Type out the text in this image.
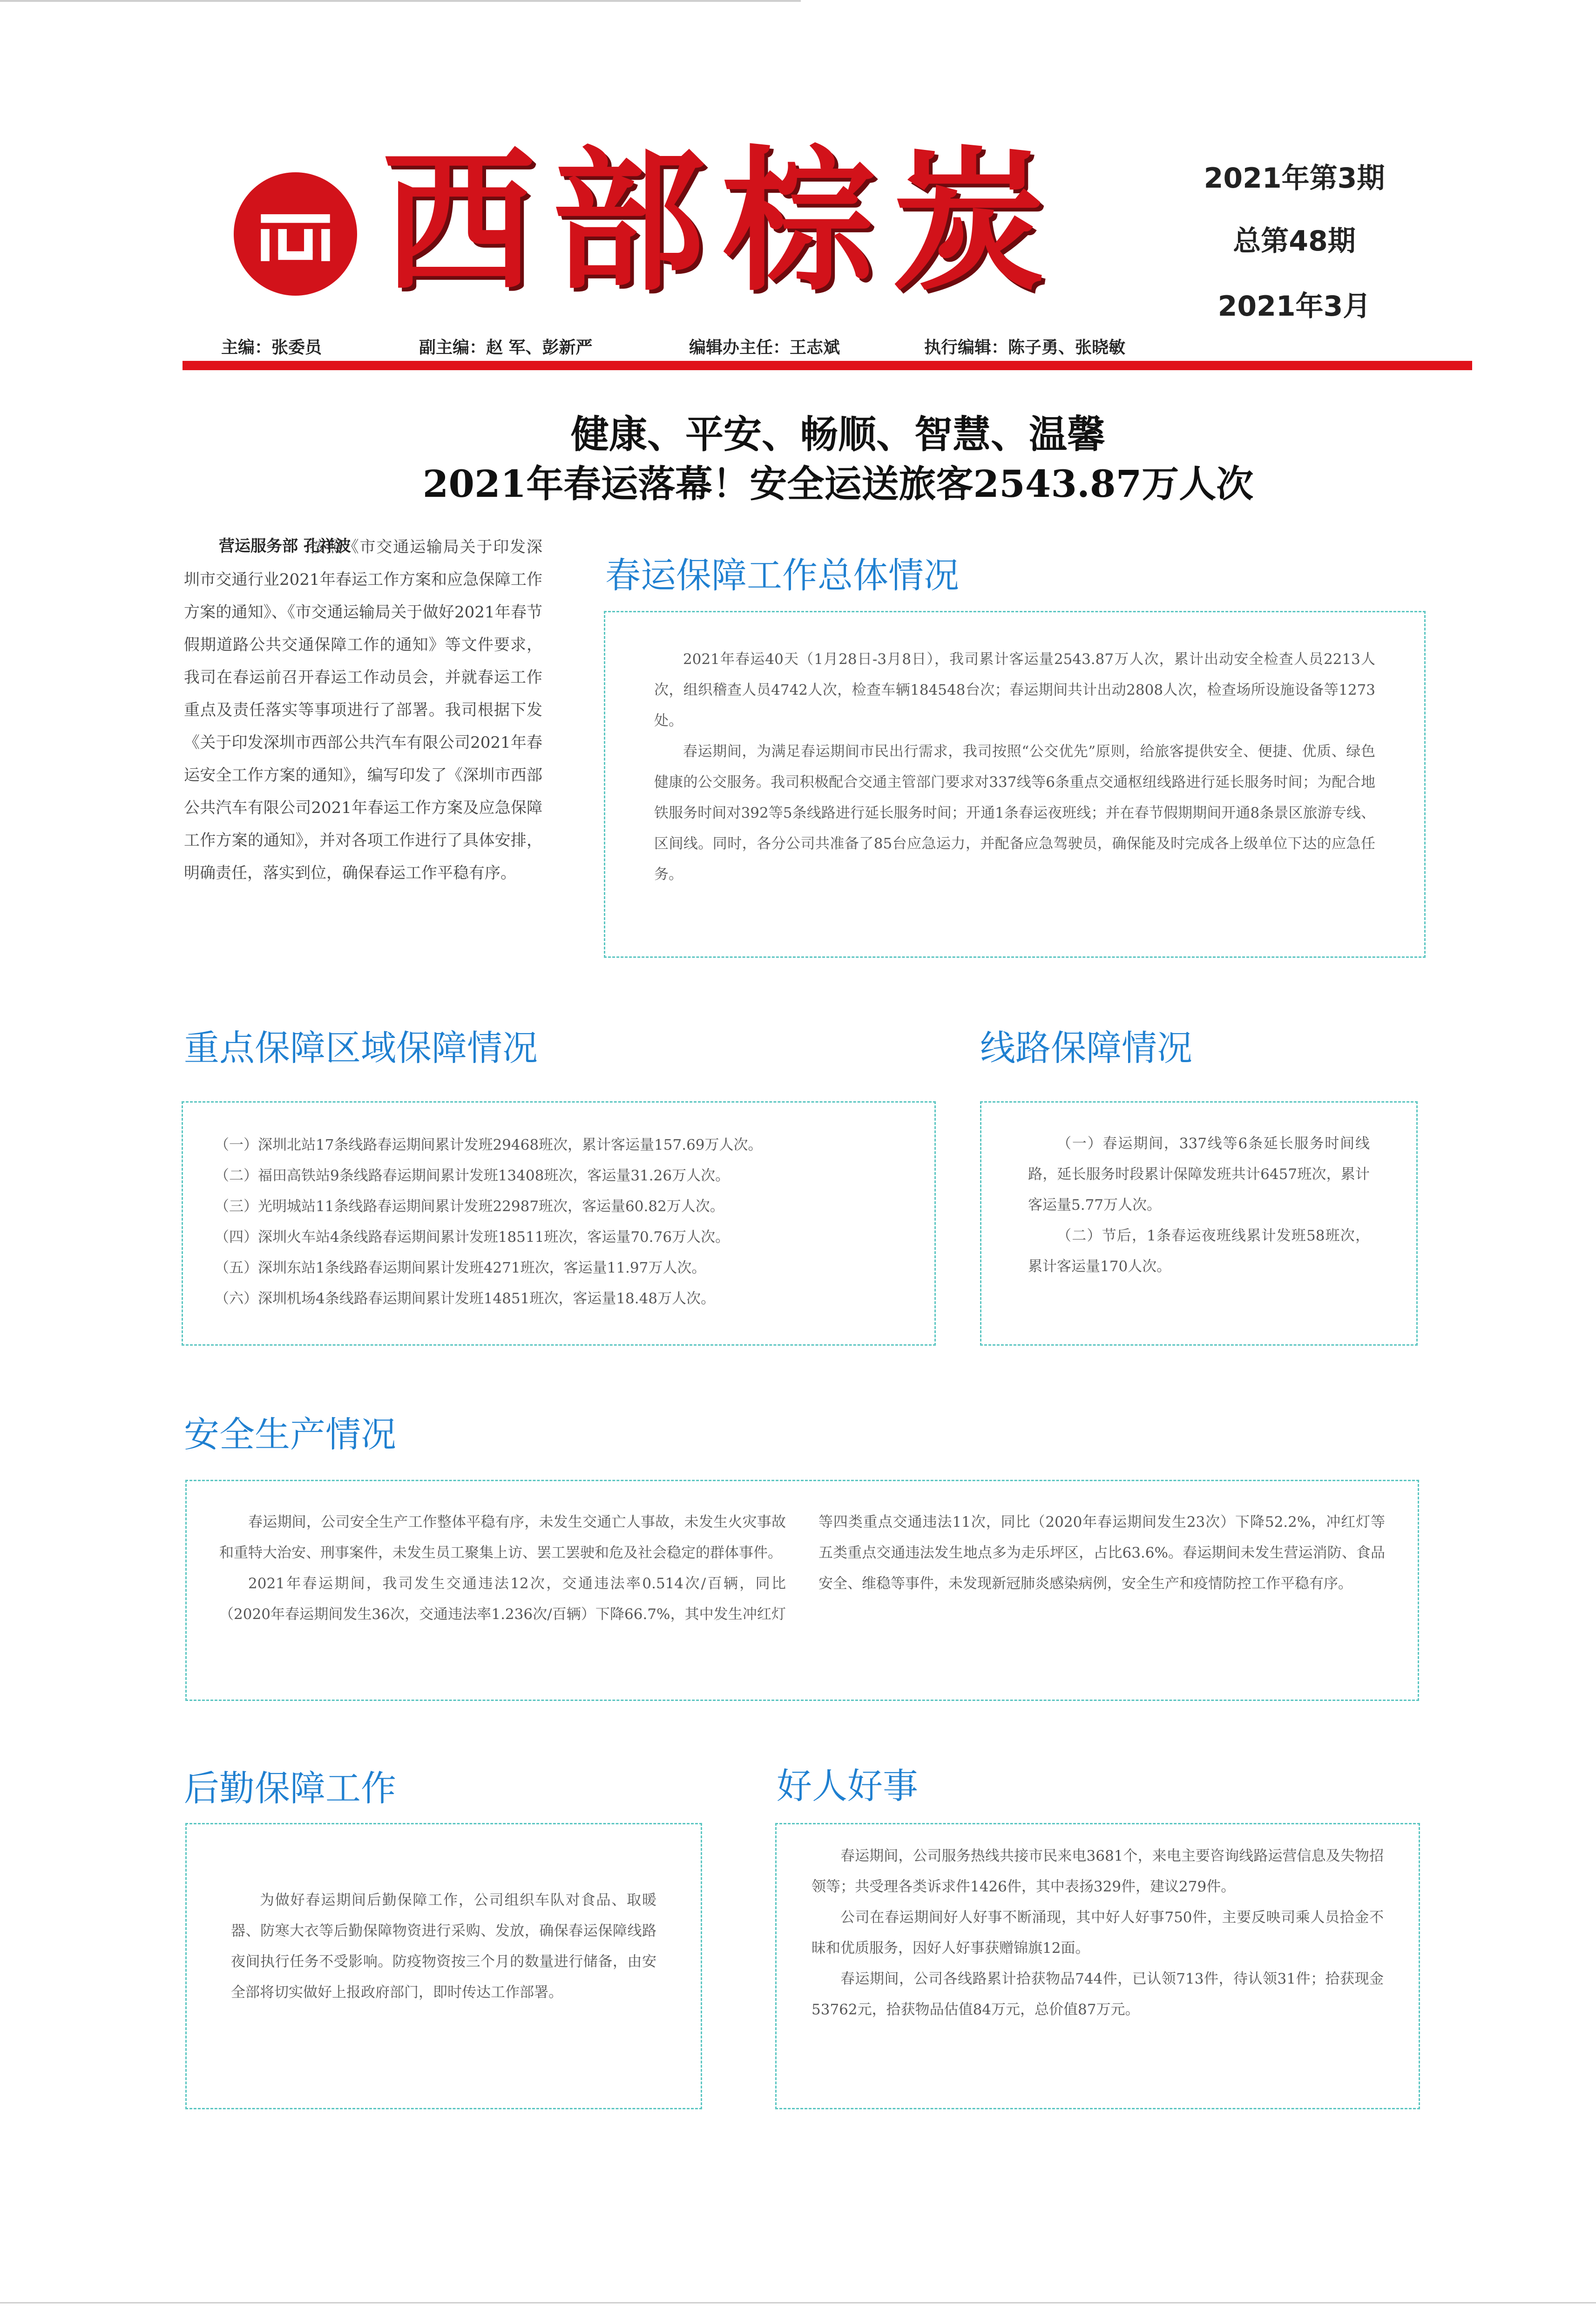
西部棕炭	2021年第3期
总第48期
2021年3月
主编：张委员	副主编：赵 军、彭新严	编辑办主任：王志斌	执行编辑：陈子勇、张晓敏
健康、平安、畅顺、智慧、温馨
2021年春运落幕！安全运送旅客2543.87万人次
按照《市交通运输局关于印发深圳市交通行业2021年春运工作方案和应急保障工作方案的通知》、《市交通运输局关于做好2021年春节假期道路公共交通保障工作的通知》等文件要求，我司在春运前召开春运工作动员会，并就春运工作重点及责任落实等事项进行了部署。我司根据下发《关于印发深圳市西部公共汽车有限公司2021年春运安全工作方案的通知》，编写印发了《深圳市西部公共汽车有限公司2021年春运工作方案及应急保障工作方案的通知》，并对各项工作进行了具体安排，明确责任，落实到位，确保春运工作平稳有序。
营运服务部 孔祥波
春运保障工作总体情况

2021年春运40天（1月28日-3月8日），我司累计客运量2543.87万人次，累计出动安全检查人员2213人次，组织稽查人员4742人次，检查车辆184548台次；春运期间共计出动2808人次，检查场所设施设备等1273处。

春运期间，为满足春运期间市民出行需求，我司按照“公交优先”原则，给旅客提供安全、便捷、优质、绿色健康的公交服务。我司积极配合交通主管部门要求对337线等6条重点交通枢纽线路进行延长服务时间；为配合地铁服务时间对392等5条线路进行延长服务时间；开通1条春运夜班线；并在春节假期期间开通8条景区旅游专线、区间线。同时，各分公司共准备了85台应急运力，并配备应急驾驶员，确保能及时完成各上级单位下达的应急任务。

重点保障区域保障情况

（一）深圳北站17条线路春运期间累计发班29468班次，累计客运量157.69万人次。

（二）福田高铁站9条线路春运期间累计发班13408班次，客运量31.26万人次。

（三）光明城站11条线路春运期间累计发班22987班次，客运量60.82万人次。

（四）深圳火车站4条线路春运期间累计发班18511班次，客运量70.76万人次。

（五）深圳东站1条线路春运期间累计发班4271班次，客运量11.97万人次。

（六）深圳机场4条线路春运期间累计发班14851班次，客运量18.48万人次。

线路保障情况

（一）春运期间，337线等6条延长服务时间线路，延长服务时段累计保障发班共计6457班次，累计客运量5.77万人次。

（二）节后，1条春运夜班线累计发班58班次，累计客运量170人次。

安全生产情况

春运期间，公司安全生产工作整体平稳有序，未发生交通亡人事故，未发生火灾事故和重特大治安、刑事案件，未发生员工聚集上访、罢工罢驶和危及社会稳定的群体事件。

2021年春运期间，我司发生交通违法12次，交通违法率0.514次/百辆，同比（2020年春运期间发生36次，交通违法率1.236次/百辆）下降66.7%，其中发生冲红灯等四类重点交通违法11次，同比（2020年春运期间发生23次）下降52.2%，冲红灯等五类重点交通违法发生地点多为走乐坪区，占比63.6%。春运期间未发生营运消防、食品安全、维稳等事件，未发现新冠肺炎感染病例，安全生产和疫情防控工作平稳有序。

后勤保障工作

为做好春运期间后勤保障工作，公司组织车队对食品、取暖器、防寒大衣等后勤保障物资进行采购、发放，确保春运保障线路夜间执行任务不受影响。防疫物资按三个月的数量进行储备，由安全部将切实做好上报政府部门，即时传达工作部署。

好人好事

春运期间，公司服务热线共接市民来电3681个，来电主要咨询线路运营信息及失物招领等；共受理各类诉求件1426件，其中表扬329件，建议279件。

公司在春运期间好人好事不断涌现，其中好人好事750件，主要反映司乘人员拾金不昧和优质服务，因好人好事获赠锦旗12面。

春运期间，公司各线路累计拾获物品744件，已认领713件，待认领31件；拾获现金53762元，拾获物品估值84万元，总价值87万元。
